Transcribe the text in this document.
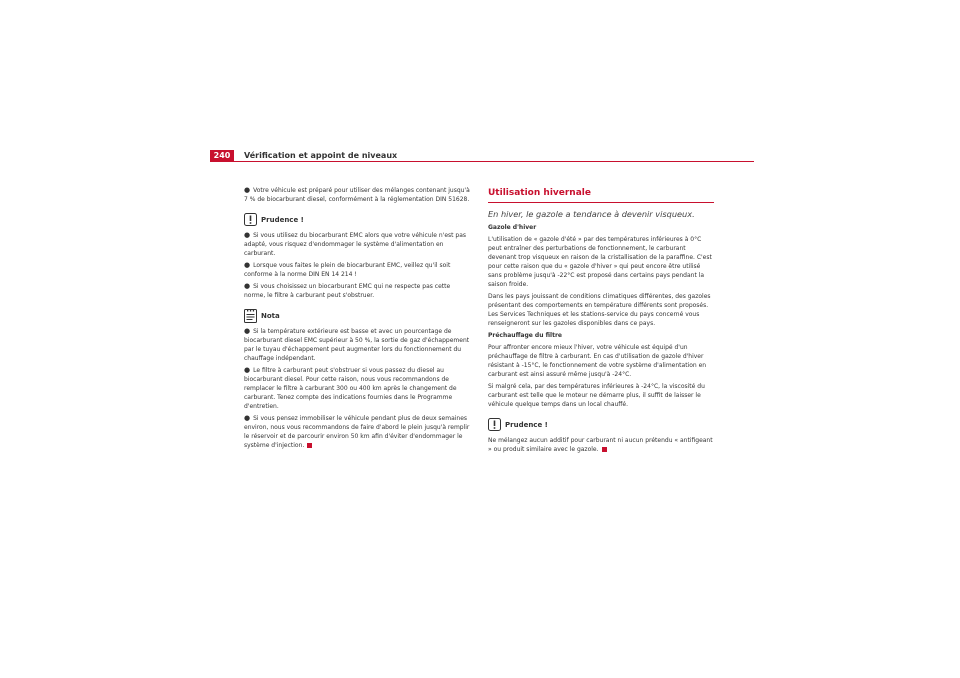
240	Vérification et appoint de niveaux

● Votre véhicule est préparé pour utiliser des mélanges contenant jusqu'à 7 % de biocarburant diesel, conformément à la réglementation DIN 51628.

Prudence !

● Si vous utilisez du biocarburant EMC alors que votre véhicule n'est pas adapté, vous risquez d'endommager le système d'alimentation en carburant.

● Lorsque vous faites le plein de biocarburant EMC, veillez qu'il soit conforme à la norme DIN EN 14 214 !

● Si vous choisissez un biocarburant EMC qui ne respecte pas cette norme, le filtre à carburant peut s'obstruer.

Nota

● Si la température extérieure est basse et avec un pourcentage de biocarburant diesel EMC supérieur à 50 %, la sortie de gaz d'échappement par le tuyau d'échappement peut augmenter lors du fonctionnement du chauffage indépendant.

● Le filtre à carburant peut s'obstruer si vous passez du diesel au biocarburant diesel. Pour cette raison, nous vous recommandons de remplacer le filtre à carburant 300 ou 400 km après le changement de carburant. Tenez compte des indications fournies dans le Programme d'entretien.

● Si vous pensez immobiliser le véhicule pendant plus de deux semaines environ, nous vous recommandons de faire d'abord le plein jusqu'à remplir le réservoir et de parcourir environ 50 km afin d'éviter d'endommager le système d'injection.

Utilisation hivernale

En hiver, le gazole a tendance à devenir visqueux.

Gazole d'hiver

L'utilisation de « gazole d'été » par des températures inférieures à 0°C peut entraîner des perturbations de fonctionnement, le carburant devenant trop visqueux en raison de la cristallisation de la paraffine. C'est pour cette raison que du « gazole d'hiver » qui peut encore être utilisé sans problème jusqu'à -22°C est proposé dans certains pays pendant la saison froide.

Dans les pays jouissant de conditions climatiques différentes, des gazoles présentant des comportements en température différents sont proposés. Les Services Techniques et les stations-service du pays concerné vous renseigneront sur les gazoles disponibles dans ce pays.

Préchauffage du filtre

Pour affronter encore mieux l'hiver, votre véhicule est équipé d'un préchauffage de filtre à carburant. En cas d'utilisation de gazole d'hiver résistant à -15°C, le fonctionnement de votre système d'alimentation en carburant est ainsi assuré même jusqu'à -24°C.

Si malgré cela, par des températures inférieures à -24°C, la viscosité du carburant est telle que le moteur ne démarre plus, il suffit de laisser le véhicule quelque temps dans un local chauffé.

Prudence !

Ne mélangez aucun additif pour carburant ni aucun prétendu « antifigeant » ou produit similaire avec le gazole.
